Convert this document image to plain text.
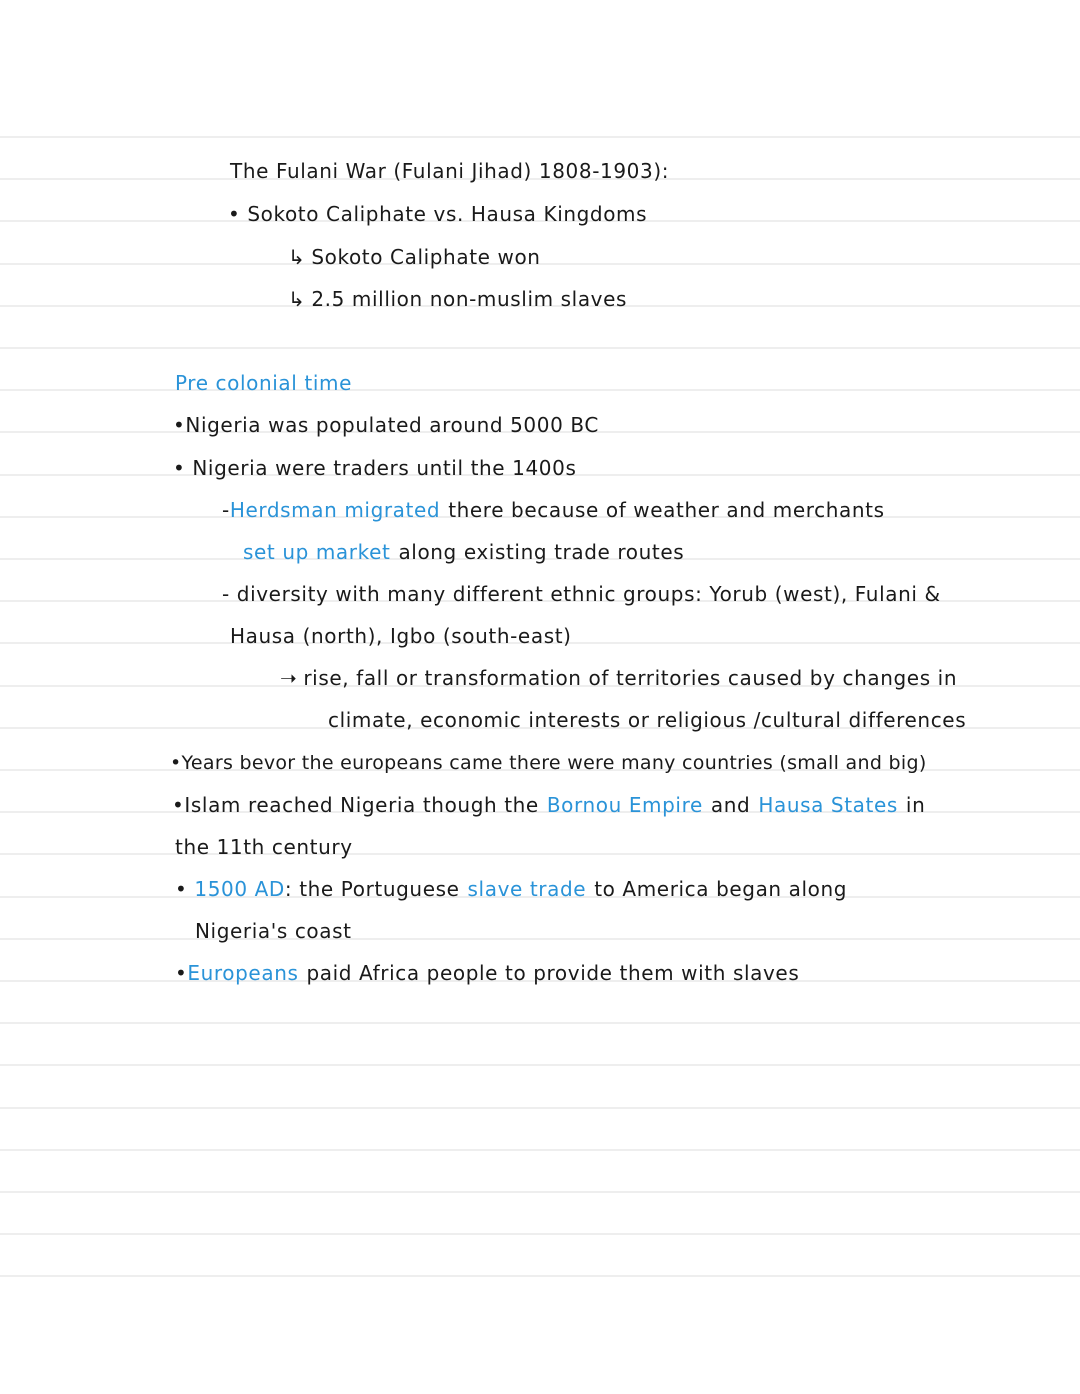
The Fulani War (Fulani Jihad) 1808-1903):
• Sokoto Caliphate vs. Hausa Kingdoms
↳ Sokoto Caliphate won
↳ 2.5 million non-muslim slaves
Pre colonial time
•Nigeria was populated around 5000 BC
• Nigeria were traders until the 1400s
-Herdsman migrated there because of weather and merchants
set up market along existing trade routes
- diversity with many different ethnic groups: Yorub (west), Fulani &
Hausa (north), Igbo (south-east)
➝ rise, fall or transformation of territories caused by changes in
climate, economic interests or religious /cultural differences
•Years bevor the europeans came there were many countries (small and big)
•Islam reached Nigeria though the Bornou Empire and Hausa States in
the 11th century
• 1500 AD: the Portuguese slave trade to America began along
Nigeria's coast
•Europeans paid Africa people to provide them with slaves
